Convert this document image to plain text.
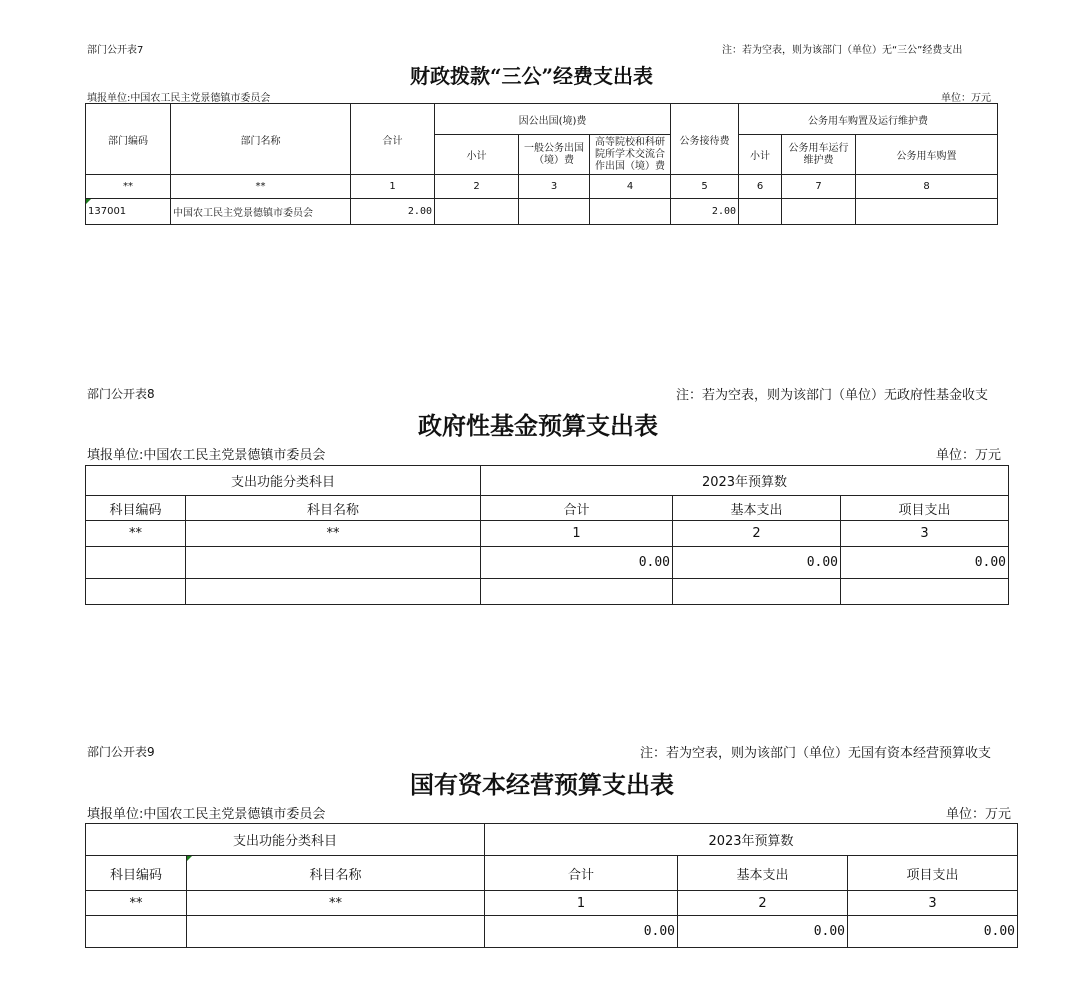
部门公开表7	注：若为空表，则为该部门（单位）无“三公”经费支出
财政拨款“三公”经费支出表
填报单位:中国农工民主党景德镇市委员会	单位：万元
部门编码	部门名称	合计	因公出国(境)费			公务接待费	公务用车购置及运行维护费		
			小计	一般公务出国（境）费	高等院校和科研院所学术交流合作出国（境）费		小计	公务用车运行维护费	公务用车购置
**	**	1	2	3	4	5	6	7	8
137001	中国农工民主党景德镇市委员会	2.00				2.00			
部门公开表8	注：若为空表，则为该部门（单位）无政府性基金收支
政府性基金预算支出表
填报单位:中国农工民主党景德镇市委员会	单位：万元
支出功能分类科目		2023年预算数		
科目编码	科目名称	合计	基本支出	项目支出
**	**	1	2	3
		0.00	0.00	0.00

部门公开表9	注：若为空表，则为该部门（单位）无国有资本经营预算收支
国有资本经营预算支出表
填报单位:中国农工民主党景德镇市委员会	单位：万元
支出功能分类科目		2023年预算数		
科目编码	科目名称	合计	基本支出	项目支出
**	**	1	2	3
		0.00	0.00	0.00
